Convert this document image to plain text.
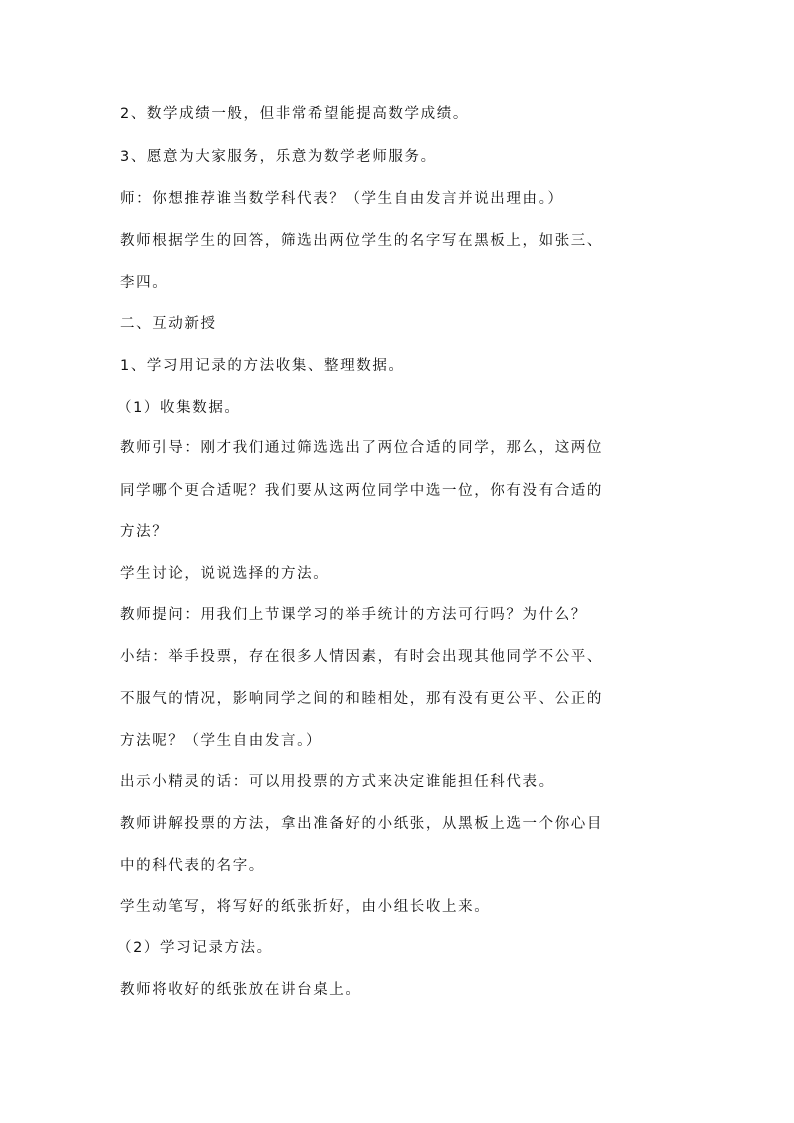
2、数学成绩一般，但非常希望能提高数学成绩。
3、愿意为大家服务，乐意为数学老师服务。
师：你想推荐谁当数学科代表？（学生自由发言并说出理由。）
教师根据学生的回答，筛选出两位学生的名字写在黑板上，如张三、
李四。
二、互动新授
1、学习用记录的方法收集、整理数据。
（1）收集数据。
教师引导：刚才我们通过筛选选出了两位合适的同学，那么，这两位
同学哪个更合适呢？我们要从这两位同学中选一位，你有没有合适的
方法？
学生讨论，说说选择的方法。
教师提问：用我们上节课学习的举手统计的方法可行吗？为什么？
小结：举手投票，存在很多人情因素，有时会出现其他同学不公平、
不服气的情况，影响同学之间的和睦相处，那有没有更公平、公正的
方法呢？（学生自由发言。）
出示小精灵的话：可以用投票的方式来决定谁能担任科代表。
教师讲解投票的方法，拿出准备好的小纸张，从黑板上选一个你心目
中的科代表的名字。
学生动笔写，将写好的纸张折好，由小组长收上来。
（2）学习记录方法。
教师将收好的纸张放在讲台桌上。
